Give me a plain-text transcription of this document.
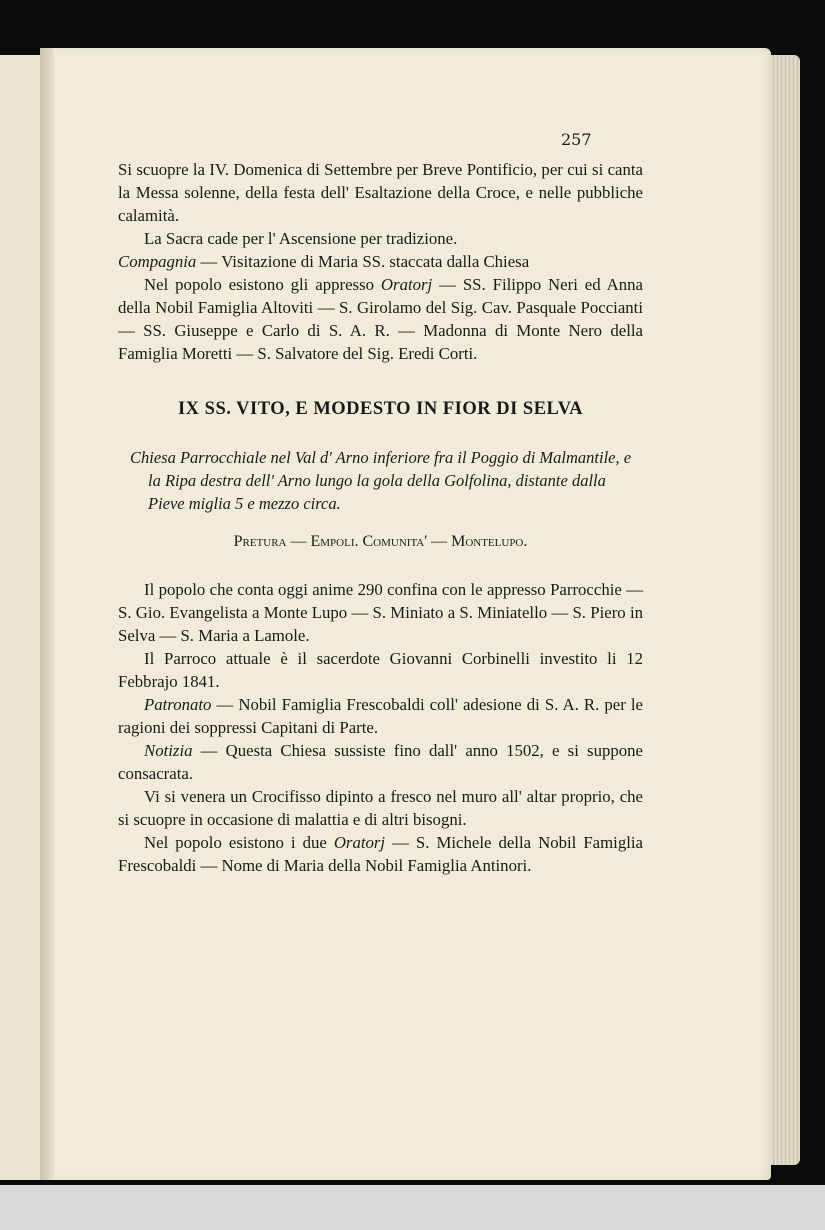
257

Si scuopre la IV. Domenica di Settembre per Breve Pontificio, per cui si canta la Messa solenne, della festa dell' Esaltazione della Croce, e nelle pubbliche calamità.

La Sacra cade per l' Ascensione per tradizione.

Compagnia — Visitazione di Maria SS. staccata dalla Chiesa

Nel popolo esistono gli appresso Oratorj — SS. Filippo Neri ed Anna della Nobil Famiglia Altoviti — S. Girolamo del Sig. Cav. Pasquale Poccianti — SS. Giuseppe e Carlo di S. A. R. — Madonna di Monte Nero della Famiglia Moretti — S. Salvatore del Sig. Eredi Corti.

IX SS. VITO, E MODESTO IN FIOR DI SELVA

Chiesa Parrocchiale nel Val d' Arno inferiore fra il Poggio di Malmantile, e la Ripa destra dell' Arno lungo la gola della Golfolina, distante dalla Pieve miglia 5 e mezzo circa.

Pretura — Empoli. Comunita' — Montelupo.

Il popolo che conta oggi anime 290 confina con le appresso Parrocchie — S. Gio. Evangelista a Monte Lupo — S. Miniato a S. Miniatello — S. Piero in Selva — S. Maria a Lamole.

Il Parroco attuale è il sacerdote Giovanni Corbinelli investito li 12 Febbrajo 1841.

Patronato — Nobil Famiglia Frescobaldi coll' adesione di S. A. R. per le ragioni dei soppressi Capitani di Parte.

Notizia — Questa Chiesa sussiste fino dall' anno 1502, e si suppone consacrata.

Vi si venera un Crocifisso dipinto a fresco nel muro all' altar proprio, che si scuopre in occasione di malattia e di altri bisogni.

Nel popolo esistono i due Oratorj — S. Michele della Nobil Famiglia Frescobaldi — Nome di Maria della Nobil Famiglia Antinori.
